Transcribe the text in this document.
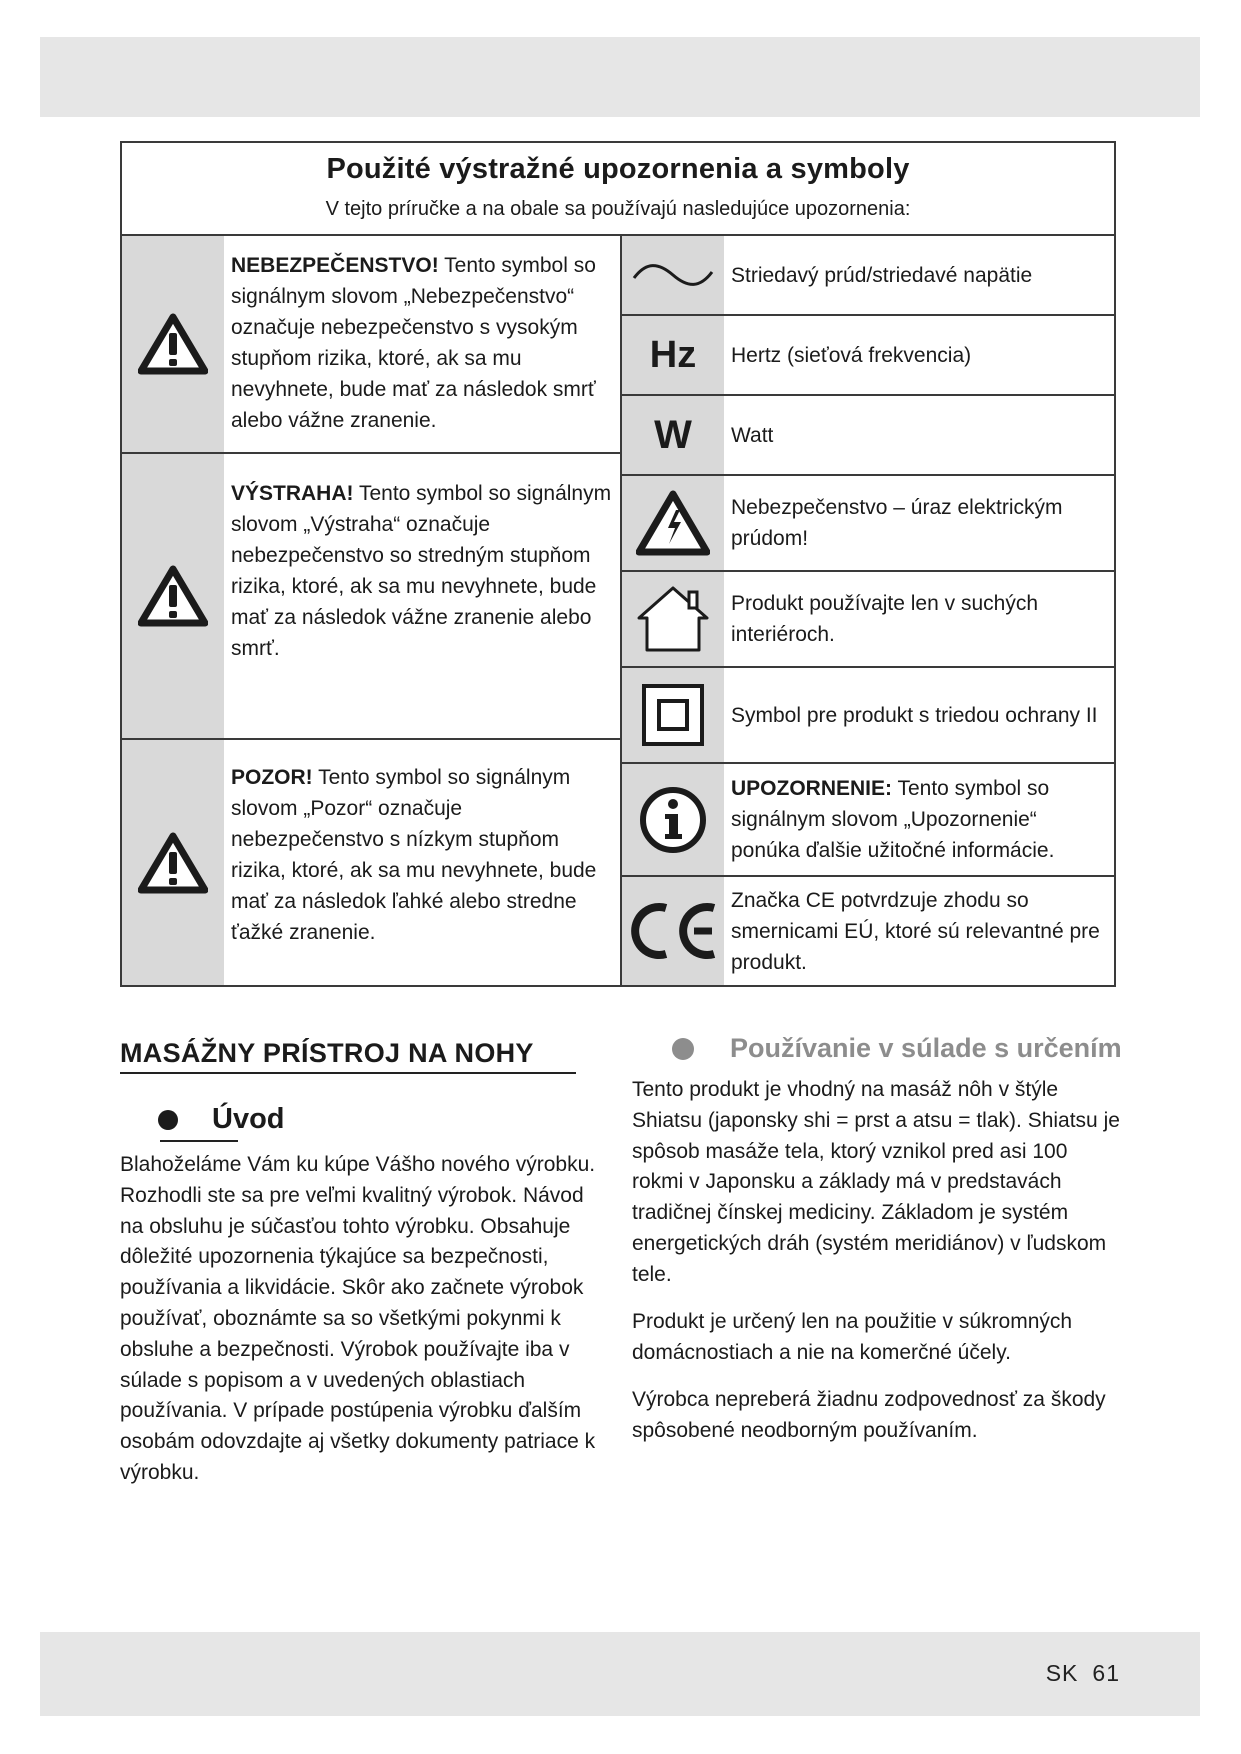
Použité výstražné upozornenia a symboly
V tejto príručke a na obale sa používajú nasledujúce upozornenia:
NEBEZPEČENSTVO! Tento symbol so signálnym slovom „Nebezpečenstvo“ označuje nebezpečenstvo s vysokým stupňom rizika, ktoré, ak sa mu nevyhnete, bude mať za následok smrť alebo vážne zranenie.
VÝSTRAHA! Tento symbol so signálnym slovom „Výstraha“ označuje nebezpečenstvo so stredným stupňom rizika, ktoré, ak sa mu nevyhnete, bude mať za následok vážne zranenie alebo smrť.
POZOR! Tento symbol so signálnym slovom „Pozor“ označuje nebezpečenstvo s nízkym stupňom rizika, ktoré, ak sa mu nevyhnete, bude mať za následok ľahké alebo stredne ťažké zranenie.
Striedavý prúd/striedavé napätie
Hz	Hertz (sieťová frekvencia)
W	Watt
Nebezpečenstvo – úraz elektrickým prúdom!
Produkt používajte len v suchých interiéroch.
Symbol pre produkt s triedou ochrany II
UPOZORNENIE: Tento symbol so signálnym slovom „Upozornenie“ ponúka ďalšie užitočné informácie.
Značka CE potvrdzuje zhodu so smernicami EÚ, ktoré sú relevantné pre produkt.
MASÁŽNY PRÍSTROJ NA NOHY
Úvod
Blahoželáme Vám ku kúpe Vášho nového výrobku. Rozhodli ste sa pre veľmi kvalitný výrobok. Návod na obsluhu je súčasťou tohto výrobku. Obsahuje dôležité upozornenia týkajúce sa bezpečnosti, používania a likvidácie. Skôr ako začnete výrobok používať, oboznámte sa so všetkými pokynmi k obsluhe a bezpečnosti. Výrobok používajte iba v súlade s popisom a v uvedených oblastiach používania. V prípade postúpenia výrobku ďalším osobám odovzdajte aj všetky dokumenty patriace k výrobku.
Používanie v súlade s určením
Tento produkt je vhodný na masáž nôh v štýle Shiatsu (japonsky shi = prst a atsu = tlak). Shiatsu je spôsob masáže tela, ktorý vznikol pred asi 100 rokmi v Japonsku a základy má v predstavách tradičnej čínskej mediciny. Základom je systém energetických dráh (systém meridiánov) v ľudskom tele.
Produkt je určený len na použitie v súkromných domácnostiach a nie na komerčné účely.
Výrobca nepreberá žiadnu zodpovednosť za škody spôsobené neodborným používaním.
SK 61
